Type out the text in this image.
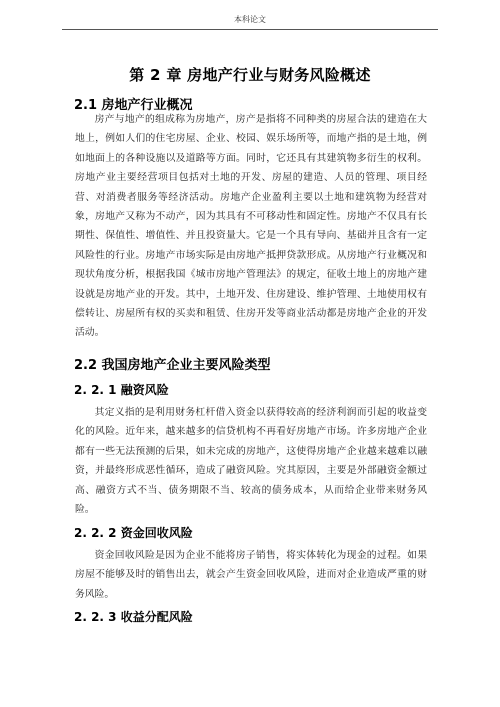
本科论文
第 2 章 房地产行业与财务风险概述
2.1 房地产行业概况

房产与地产的组成称为房地产，房产是指将不同种类的房屋合法的建造在大地上，例如人们的住宅房屋、企业、校园、娱乐场所等，而地产指的是土地，例如地面上的各种设施以及道路等方面。同时，它还具有其建筑物多衍生的权利。房地产业主要经营项目包括对土地的开发、房屋的建造、人员的管理、项目经营、对消费者服务等经济活动。房地产企业盈利主要以土地和建筑物为经营对象，房地产又称为不动产，因为其具有不可移动性和固定性。房地产不仅具有长期性、保值性、增值性、并且投资量大。它是一个具有导向、基础并且含有一定风险性的行业。房地产市场实际是由房地产抵押贷款形成。从房地产行业概况和现状角度分析，根据我国《城市房地产管理法》的规定，征收土地上的房地产建设就是房地产业的开发。其中，土地开发、住房建设、维护管理、土地使用权有偿转让、房屋所有权的买卖和租赁、住房开发等商业活动都是房地产企业的开发活动。

2.2 我国房地产企业主要风险类型
2. 2. 1 融资风险

其定义指的是利用财务杠杆借入资金以获得较高的经济利润而引起的收益变化的风险。近年来，越来越多的信贷机构不再看好房地产市场。许多房地产企业都有一些无法预测的后果，如未完成的房地产，这使得房地产企业越来越难以融资，并最终形成恶性循环，造成了融资风险。究其原因，主要是外部融资金额过高、融资方式不当、债务期限不当、较高的债务成本，从而给企业带来财务风险。

2. 2. 2 资金回收风险

资金回收风险是因为企业不能将房子销售，将实体转化为现金的过程。如果房屋不能够及时的销售出去，就会产生资金回收风险，进而对企业造成严重的财务风险。

2. 2. 3 收益分配风险
